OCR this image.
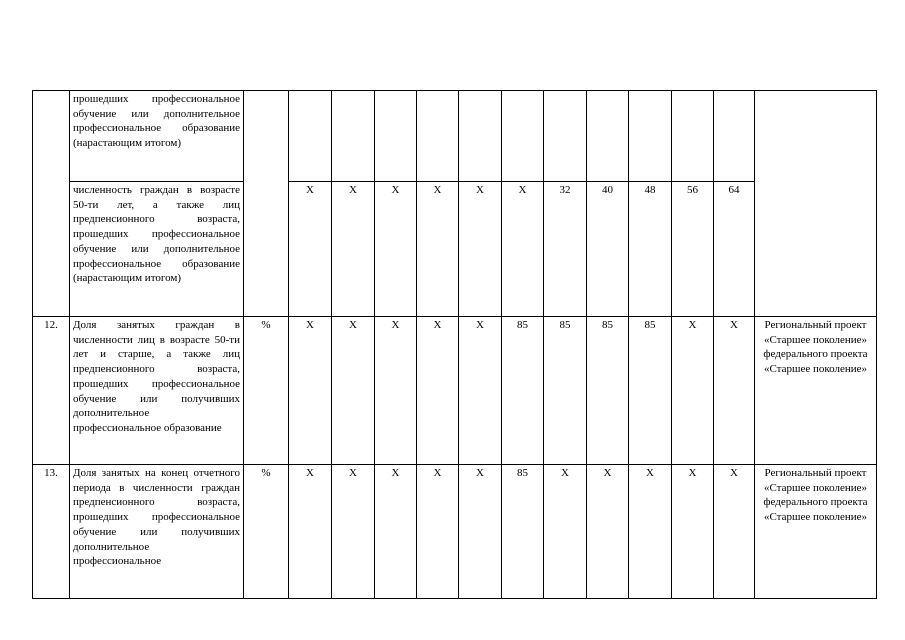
	прошедших профессиональное обучение или дополнительное профессиональное образование (нарастающим итогом)													
	численность граждан в возрасте 50-ти лет, а также лиц предпенсионного возраста, прошедших профессиональное обучение или дополнительное профессиональное образование (нарастающим итогом)		Х	Х	Х	Х	Х	Х	32	40	48	56	64	
12.	Доля занятых граждан в численности лиц в возрасте 50-ти лет и старше, а также лиц предпенсионного возраста, прошедших профессиональное обучение или получивших дополнительное профессиональное образование	%	Х	Х	Х	Х	Х	85	85	85	85	Х	Х	Региональный проект «Старшее поколение» федерального проекта «Старшее поколение»
13.	Доля занятых на конец отчетного периода в численности граждан предпенсионного возраста, прошедших профессиональное обучение или получивших дополнительное профессиональное	%	Х	Х	Х	Х	Х	85	Х	Х	Х	Х	Х	Региональный проект «Старшее поколение» федерального проекта «Старшее поколение»
